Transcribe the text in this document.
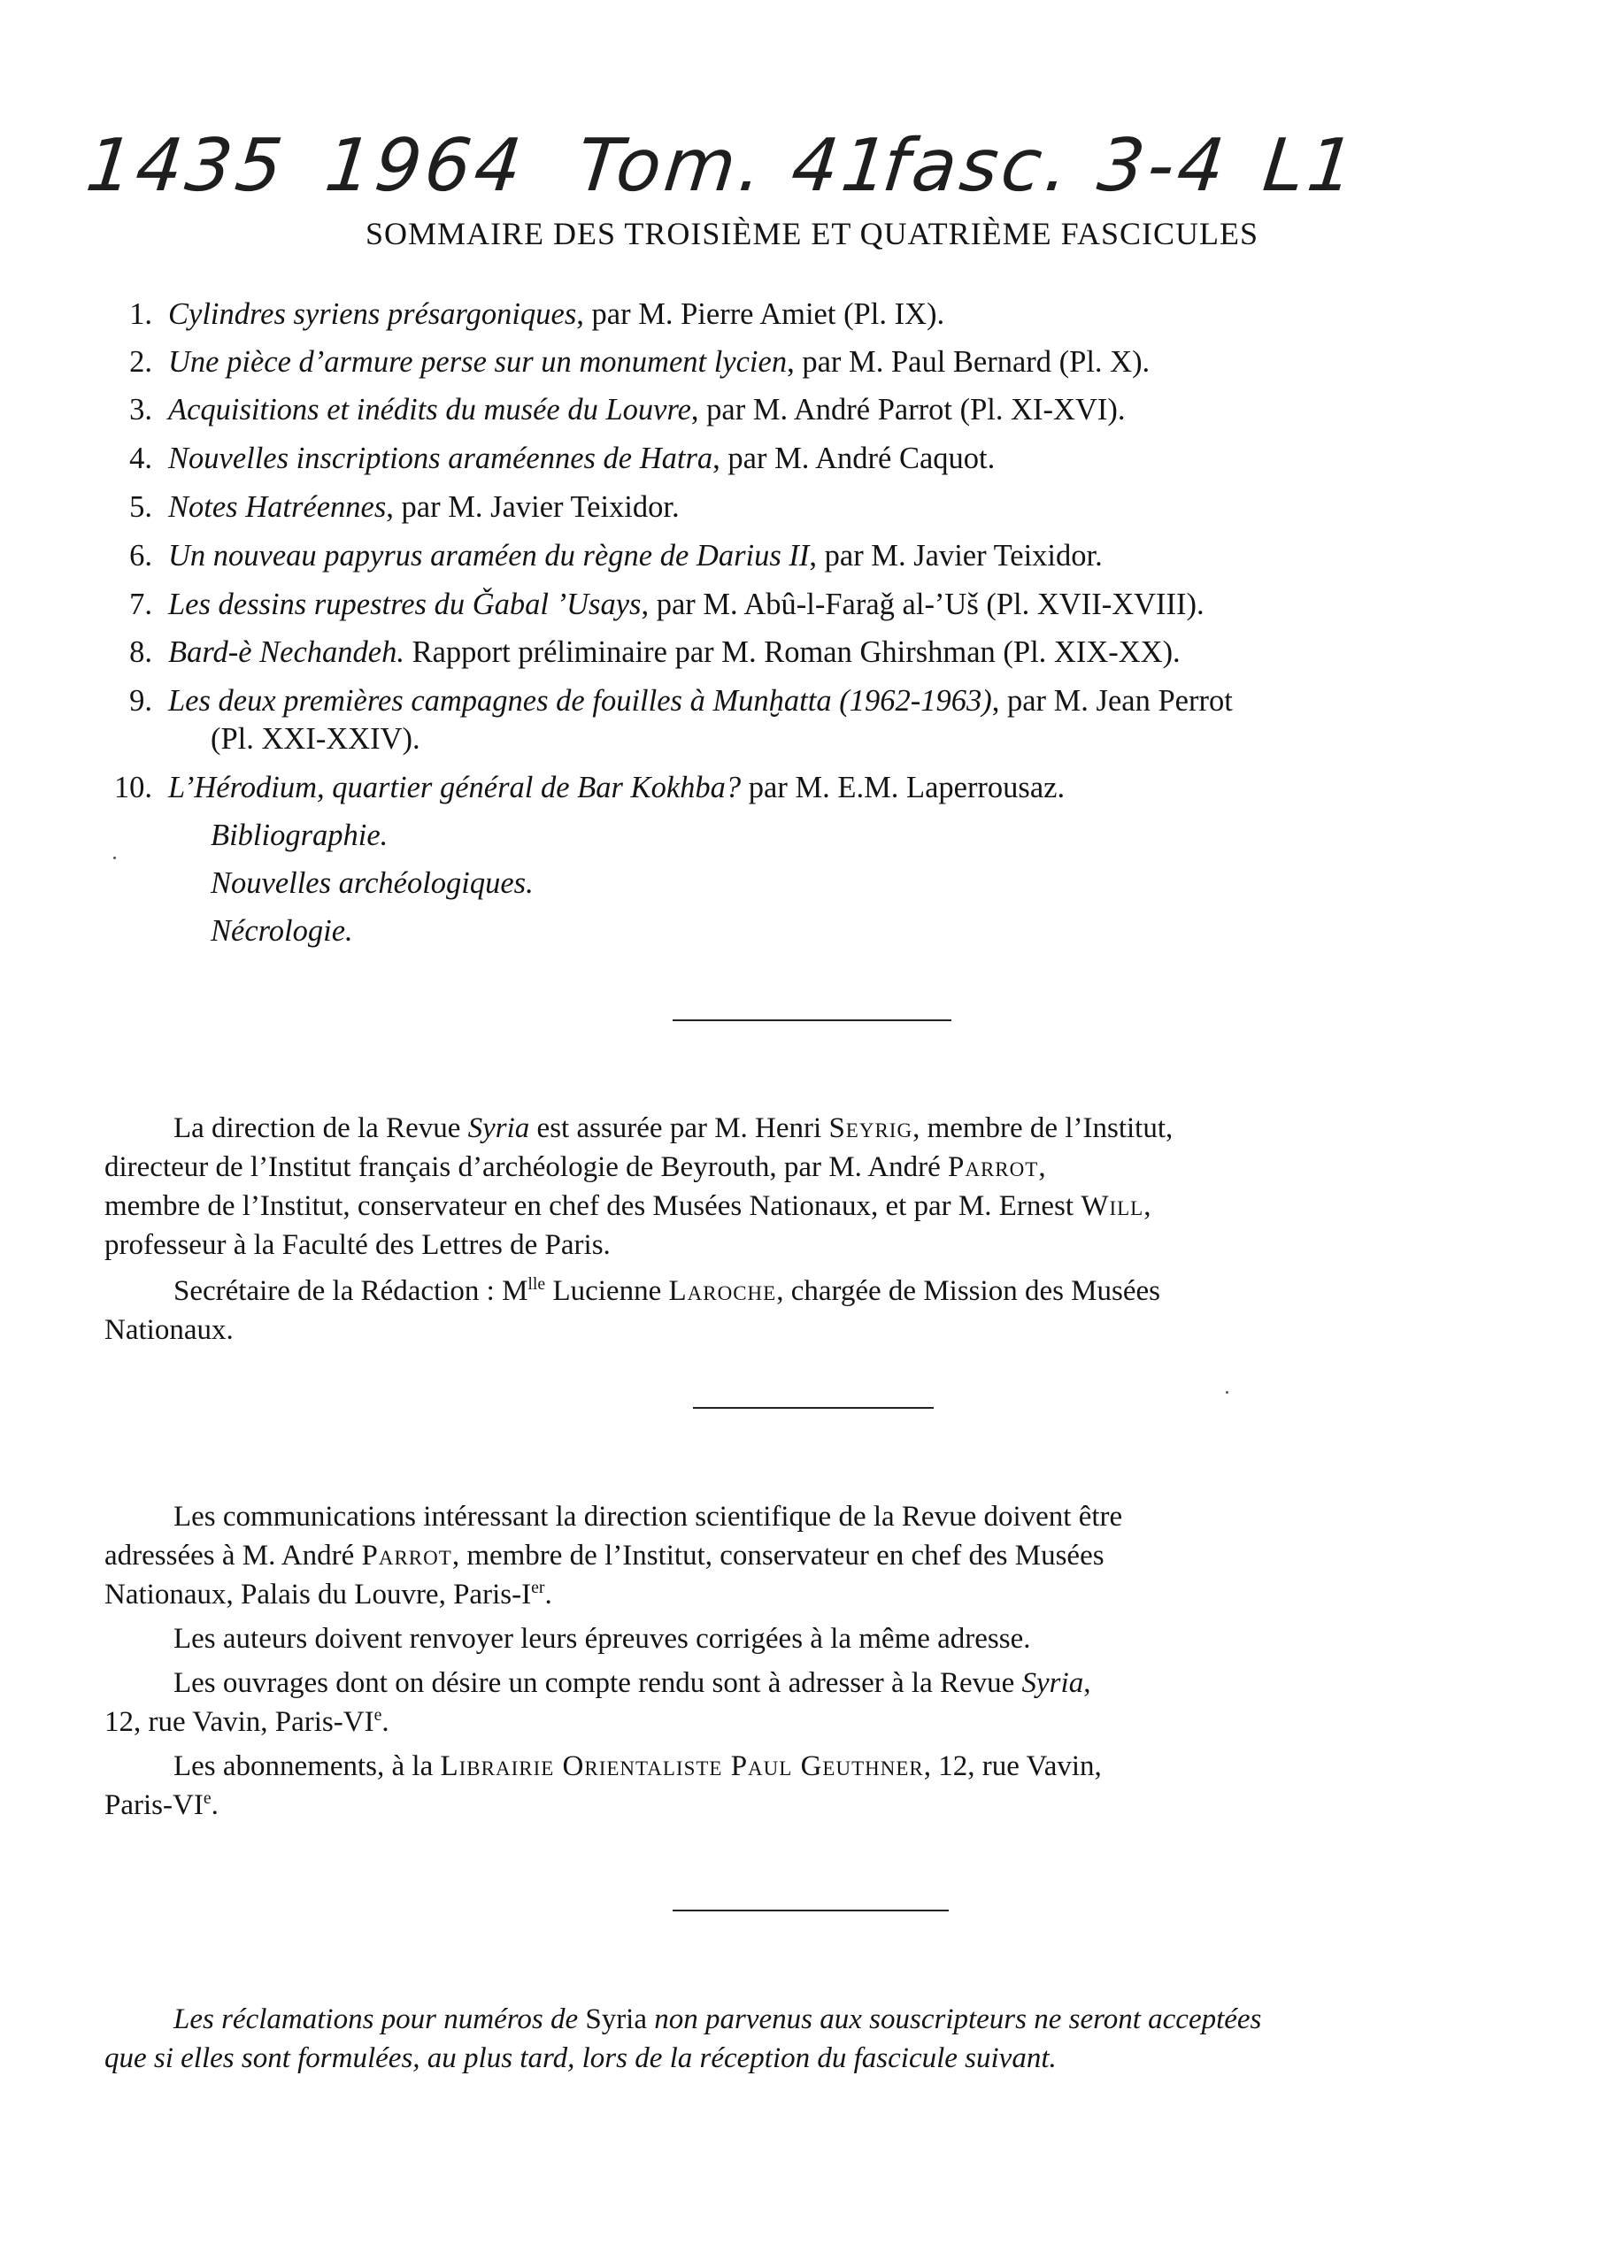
1435 1964 Tom. 41
fasc. 3-4 L1
SOMMAIRE DES TROISIÈME ET QUATRIÈME FASCICULES
1. Cylindres syriens présargoniques, par M. Pierre Amiet (Pl. IX).
2. Une pièce d’armure perse sur un monument lycien, par M. Paul Bernard (Pl. X).
3. Acquisitions et inédits du musée du Louvre, par M. André Parrot (Pl. XI-XVI).
4. Nouvelles inscriptions araméennes de Hatra, par M. André Caquot.
5. Notes Hatréennes, par M. Javier Teixidor.
6. Un nouveau papyrus araméen du règne de Darius II, par M. Javier Teixidor.
7. Les dessins rupestres du Ǧabal ’Usays, par M. Abû-l-Faraǧ al-’Uš (Pl. XVII-XVIII).
8. Bard-è Nechandeh. Rapport préliminaire par M. Roman Ghirshman (Pl. XIX-XX).
9. Les deux premières campagnes de fouilles à Munḫatta (1962-1963), par M. Jean Perrot
(Pl. XXI-XXIV).
10. L’Hérodium, quartier général de Bar Kokhba? par M. E.M. Laperrousaz.
Bibliographie.
Nouvelles archéologiques.
Nécrologie.
La direction de la Revue Syria est assurée par M. Henri Seyrig, membre de l’Institut,
directeur de l’Institut français d’archéologie de Beyrouth, par M. André Parrot,
membre de l’Institut, conservateur en chef des Musées Nationaux, et par M. Ernest Will,
professeur à la Faculté des Lettres de Paris.
Secrétaire de la Rédaction : $M^{lle}$ Lucienne Laroche, chargée de Mission des Musées
Nationaux.
Les communications intéressant la direction scientifique de la Revue doivent être
adressées à M. André Parrot, membre de l’Institut, conservateur en chef des Musées
Nationaux, Palais du Louvre, Paris-Ier.
Les auteurs doivent renvoyer leurs épreuves corrigées à la même adresse.
Les ouvrages dont on désire un compte rendu sont à adresser à la Revue Syria,
12, rue Vavin, Paris-VIe.
Les abonnements, à la Librairie Orientaliste Paul Geuthner, 12, rue Vavin,
Paris-VIe.
Les réclamations pour numéros de Syria non parvenus aux souscripteurs ne seront acceptées
que si elles sont formulées, au plus tard, lors de la réception du fascicule suivant.
